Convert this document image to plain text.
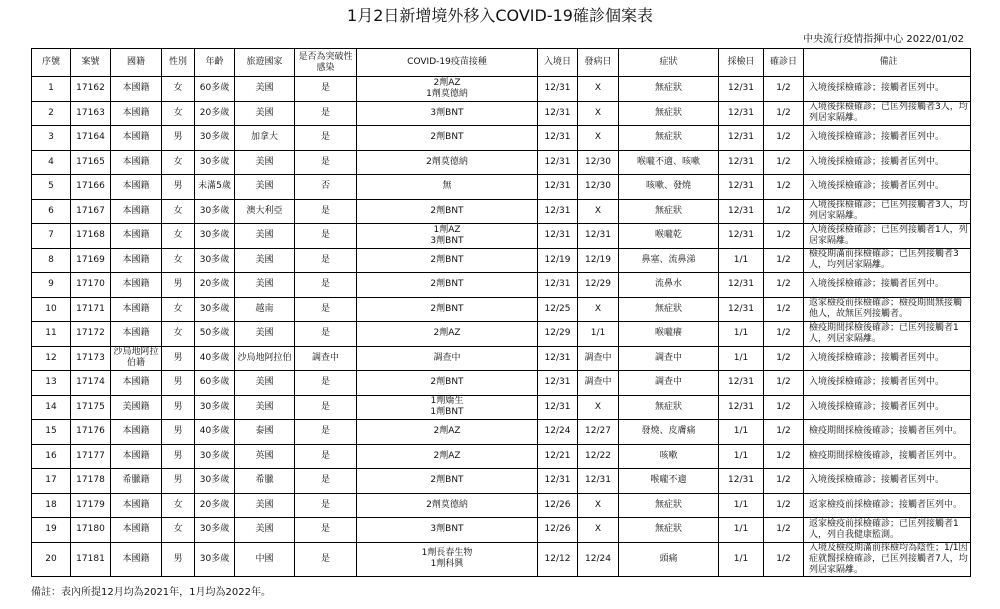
1月2日新增境外移入COVID-19確診個案表
中央流行疫情指揮中心 2022/01/02
序號	案號	國籍	性別	年齡	旅遊國家	是否為突破性感染	COVID-19疫苗接種	入境日	發病日	症狀	採檢日	確診日	備註
1	17162	本國籍	女	60多歲	美國	是	2劑AZ
1劑莫德納	12/31	X	無症狀	12/31	1/2	入境後採檢確診；接觸者匡列中。
2	17163	本國籍	女	20多歲	美國	是	3劑BNT	12/31	X	無症狀	12/31	1/2	入境後採檢確診；已匡列接觸者3人，均列居家隔離。
3	17164	本國籍	男	30多歲	加拿大	是	2劑BNT	12/31	X	無症狀	12/31	1/2	入境後採檢確診；接觸者匡列中。
4	17165	本國籍	女	30多歲	美國	是	2劑莫德納	12/31	12/30	喉嚨不適、咳嗽	12/31	1/2	入境後採檢確診；接觸者匡列中。
5	17166	本國籍	男	未滿5歲	美國	否	無	12/31	12/30	咳嗽、發燒	12/31	1/2	入境後採檢確診；接觸者匡列中。
6	17167	本國籍	女	30多歲	澳大利亞	是	2劑BNT	12/31	X	無症狀	12/31	1/2	入境後採檢確診；已匡列接觸者3人，均列居家隔離。
7	17168	本國籍	女	30多歲	美國	是	1劑AZ
3劑BNT	12/31	12/31	喉嚨乾	12/31	1/2	入境後採檢確診；已匡列接觸者1人，列居家隔離。
8	17169	本國籍	女	30多歲	美國	是	2劑BNT	12/19	12/19	鼻塞、流鼻涕	1/1	1/2	檢疫期滿前採檢確診；已匡列接觸者3人，均列居家隔離。
9	17170	本國籍	男	20多歲	美國	是	2劑BNT	12/31	12/29	流鼻水	12/31	1/2	入境後採檢確診；接觸者匡列中。
10	17171	本國籍	女	30多歲	越南	是	2劑BNT	12/25	X	無症狀	12/31	1/2	返家檢疫前採檢確診；檢疫期間無接觸他人，故無匡列接觸者。
11	17172	本國籍	女	50多歲	美國	是	2劑AZ	12/29	1/1	喉嚨癢	1/1	1/2	檢疫期間採檢後確診；已匡列接觸者1人，列居家隔離。
12	17173	沙烏地阿拉伯籍	男	40多歲	沙烏地阿拉伯	調查中	調查中	12/31	調查中	調查中	1/1	1/2	入境後採檢確診；接觸者匡列中。
13	17174	本國籍	男	60多歲	美國	是	2劑BNT	12/31	調查中	調查中	12/31	1/2	入境後採檢確診；接觸者匡列中。
14	17175	美國籍	男	30多歲	美國	是	1劑嬌生
1劑BNT	12/31	X	無症狀	12/31	1/2	入境後採檢確診；接觸者匡列中。
15	17176	本國籍	男	40多歲	泰國	是	2劑AZ	12/24	12/27	發燒、皮膚痛	1/1	1/2	檢疫期間採檢後確診；接觸者匡列中。
16	17177	本國籍	男	30多歲	英國	是	2劑AZ	12/21	12/22	咳嗽	1/1	1/2	檢疫期間採檢後確診，接觸者匡列中。
17	17178	希臘籍	男	30多歲	希臘	是	2劑BNT	12/31	12/31	喉嚨不適	12/31	1/2	入境後採檢確診；接觸者匡列中。
18	17179	本國籍	女	20多歲	美國	是	2劑莫德納	12/26	X	無症狀	1/1	1/2	返家檢疫前採檢確診；接觸者匡列中。
19	17180	本國籍	女	30多歲	美國	是	3劑BNT	12/26	X	無症狀	1/1	1/2	返家檢疫前採檢確診；已匡列接觸者1人，列自我健康監測。
20	17181	本國籍	男	30多歲	中國	是	1劑長春生物
1劑科興	12/12	12/24	頭痛	1/1	1/2	入境及檢疫期滿前採檢均為陰性；1/1因症就醫採檢確診，已匡列接觸者7人，均列居家隔離。
備註：表內所提12月均為2021年，1月均為2022年。
